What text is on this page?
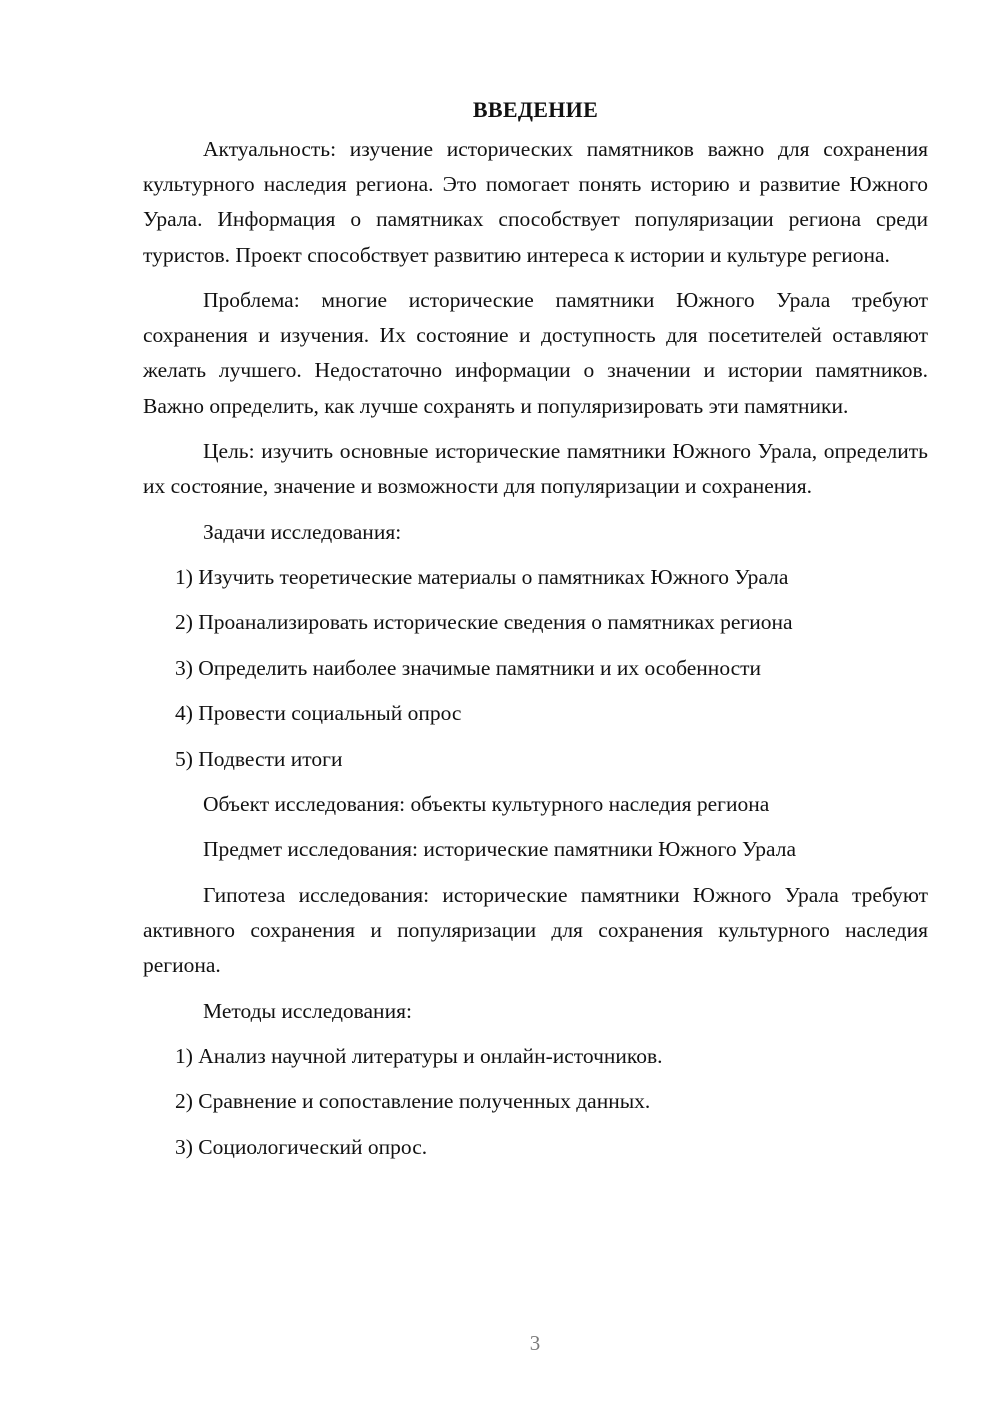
ВВЕДЕНИЕ

Актуальность: изучение исторических памятников важно для сохранения культурного наследия региона. Это помогает понять историю и развитие Южного Урала. Информация о памятниках способствует популяризации региона среди туристов. Проект способствует развитию интереса к истории и культуре региона.

Проблема: многие исторические памятники Южного Урала требуют сохранения и изучения. Их состояние и доступность для посетителей оставляют желать лучшего. Недостаточно информации о значении и истории памятников. Важно определить, как лучше сохранять и популяризировать эти памятники.

Цель: изучить основные исторические памятники Южного Урала, определить их состояние, значение и возможности для популяризации и сохранения.

Задачи исследования:
1) Изучить теоретические материалы о памятниках Южного Урала
2) Проанализировать исторические сведения о памятниках региона
3) Определить наиболее значимые памятники и их особенности
4) Провести социальный опрос
5) Подвести итоги
Объект исследования: объекты культурного наследия региона
Предмет исследования: исторические памятники Южного Урала

Гипотеза исследования: исторические памятники Южного Урала требуют активного сохранения и популяризации для сохранения культурного наследия региона.

Методы исследования:
1) Анализ научной литературы и онлайн-источников.
2) Сравнение и сопоставление полученных данных.
3) Социологический опрос.
3
